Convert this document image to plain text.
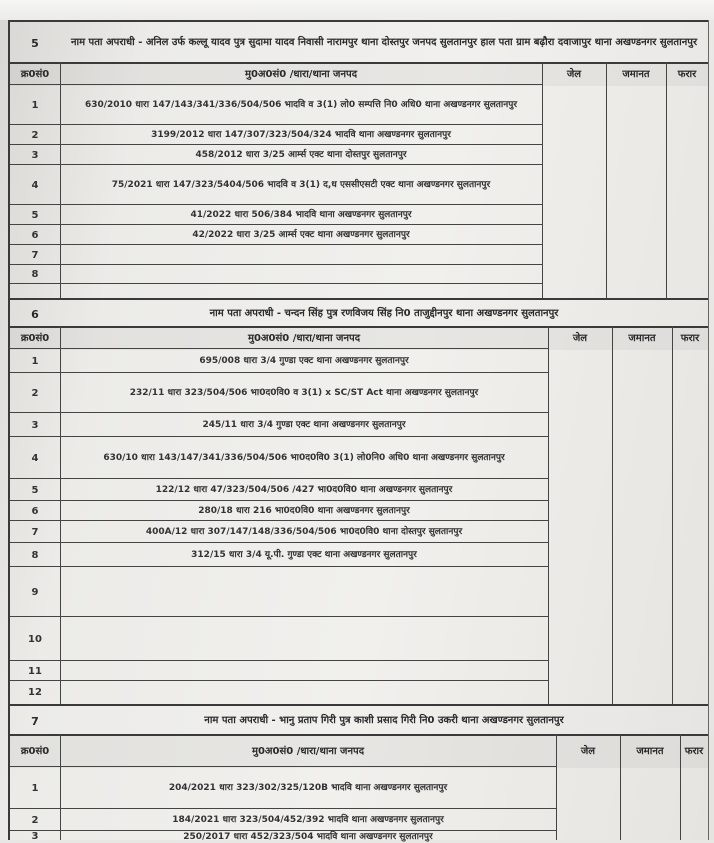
5	नाम पता अपराधी - अनिल उर्फ कल्लू यादव पुत्र सुदामा यादव निवासी नारामपुर थाना दोस्तपुर जनपद सुलतानपुर हाल पता ग्राम बढ़ौरा दवाजापुर थाना अखण्डनगर सुलतानपुर
क्र0सं0	मु0अ0सं0 /धारा/थाना जनपद	जेल	जमानत	फरार
1	630/2010 धारा 147/143/341/336/504/506 भादवि व 3(1) लो0 सम्पत्ति नि0 अधि0 थाना अखण्डनगर सुलतानपुर
2	3199/2012 धारा 147/307/323/504/324 भादवि थाना अखण्डनगर सुलतानपुर
3	458/2012 धारा 3/25 आर्म्स एक्ट थाना दोस्तपुर सुलतानपुर
4	75/2021 धारा 147/323/5404/506 भादवि व 3(1) द,ध एससीएसटी एक्ट थाना अखण्डनगर सुलतानपुर
5	41/2022 धारा 506/384 भादवि थाना अखण्डनगर सुलतानपुर
6	42/2022 धारा 3/25 आर्म्स एक्ट थाना अखण्डनगर सुलतानपुर
7
8
6	नाम पता अपराधी - चन्दन सिंह पुत्र रणविजय सिंह नि0 ताजुद्दीनपुर थाना अखण्डनगर सुलतानपुर
क्र0सं0	मु0अ0सं0 /धारा/थाना जनपद	जेल	जमानत	फरार
1	695/008 धारा 3/4 गुण्डा एक्ट थाना अखण्डनगर सुलतानपुर
2	232/11 धारा 323/504/506 भा0द0वि0 व 3(1) x SC/ST Act थाना अखण्डनगर सुलतानपुर
3	245/11 धारा 3/4 गुण्डा एक्ट थाना अखण्डनगर सुलतानपुर
4	630/10 धारा 143/147/341/336/504/506 भा0द0वि0 3(1) लो0नि0 अधि0 थाना अखण्डनगर सुलतानपुर
5	122/12 धारा 47/323/504/506 /427 भा0द0वि0 थाना अखण्डनगर सुलतानपुर
6	280/18 धारा 216 भा0द0वि0 थाना अखण्डनगर सुलतानपुर
7	400A/12 धारा 307/147/148/336/504/506 भा0द0वि0 थाना दोस्तपुर सुलतानपुर
8	312/15 धारा 3/4 यू.पी. गुण्डा एक्ट थाना अखण्डनगर सुलतानपुर
9
10
11
12
7	नाम पता अपराधी - भानु प्रताप गिरी पुत्र काशी प्रसाद गिरी नि0 उकरी थाना अखण्डनगर सुलतानपुर
क्र0सं0	मु0अ0सं0 /धारा/थाना जनपद	जेल	जमानत	फरार
1	204/2021 धारा 323/302/325/120B भादवि थाना अखण्डनगर सुलतानपुर
2	184/2021 धारा 323/504/452/392 भादवि थाना अखण्डनगर सुलतानपुर
3	250/2017 धारा 452/323/504 भादवि थाना अखण्डनगर सुलतानपुर
